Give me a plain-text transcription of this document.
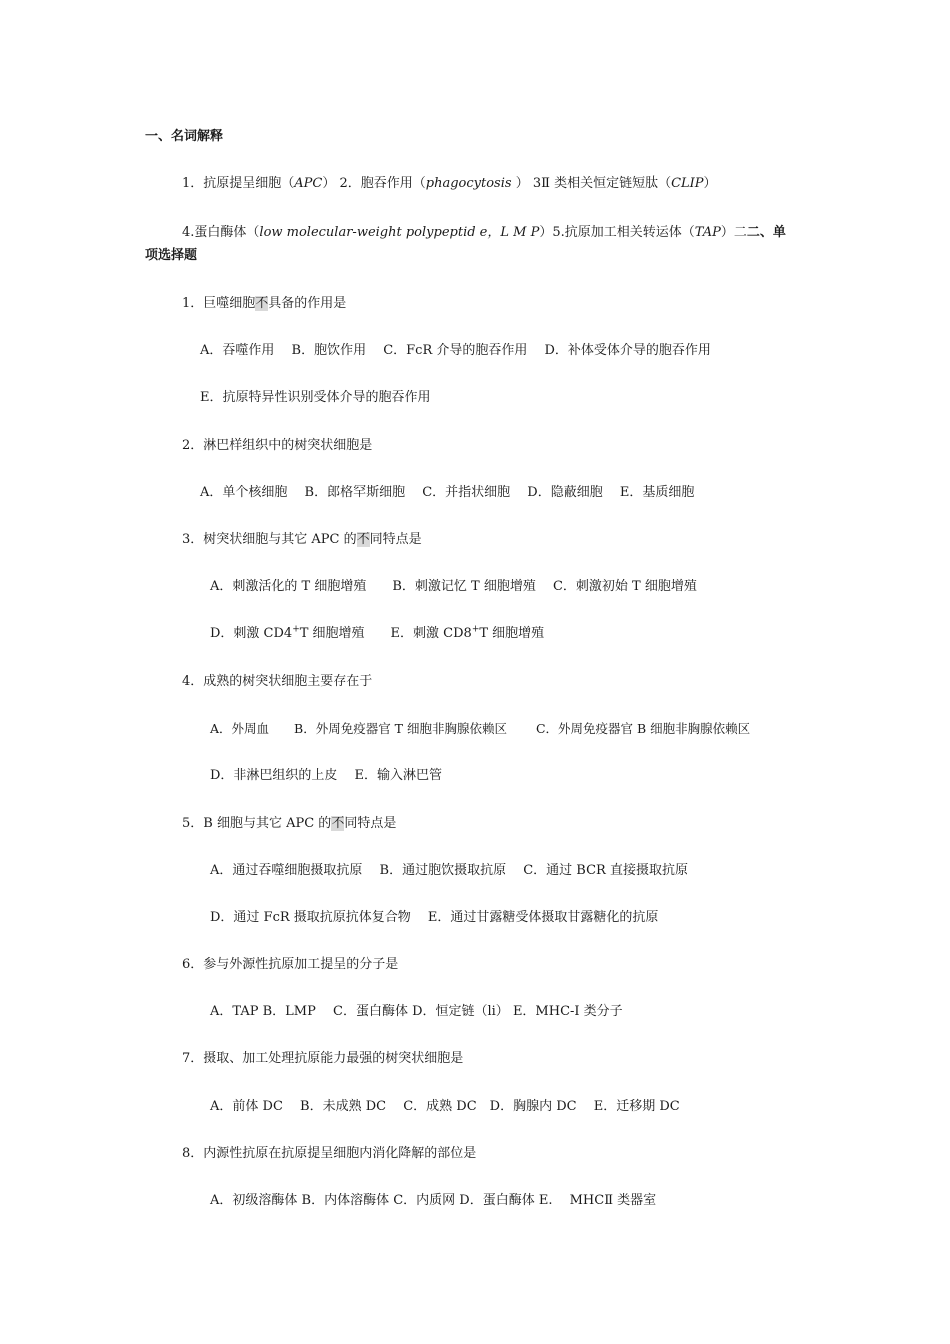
一、名词解释
1．抗原提呈细胞（APC） 2．胞吞作用（phagocytosis ） 3Ⅱ 类相关恒定链短肽（CLIP）
4.蛋白酶体（low molecular-weight polypeptid e，L M P）5.抗原加工相关转运体（TAP）二二、单
项选择题
1．巨噬细胞不具备的作用是
A．吞噬作用　 B．胞饮作用　 C．FcR 介导的胞吞作用　 D．补体受体介导的胞吞作用
E．抗原特异性识别受体介导的胞吞作用
2．淋巴样组织中的树突状细胞是
A．单个核细胞　 B．郎格罕斯细胞　 C．并指状细胞　 D．隐蔽细胞　 E．基质细胞
3．树突状细胞与其它 APC 的不同特点是
A．刺激活化的 T 细胞增殖　　B．刺激记忆 T 细胞增殖　 C．刺激初始 T 细胞增殖
D．刺激 CD4+T 细胞增殖　　E．刺激 CD8+T 细胞增殖
4．成熟的树突状细胞主要存在于
A．外周血　　B．外周免疫器官 T 细胞非胸腺依赖区　　 C．外周免疫器官 B 细胞非胸腺依赖区
D．非淋巴组织的上皮　 E．输入淋巴管
5．B 细胞与其它 APC 的不同特点是
A．通过吞噬细胞摄取抗原　 B．通过胞饮摄取抗原　 C．通过 BCR 直接摄取抗原
D．通过 FcR 摄取抗原抗体复合物　 E．通过甘露糖受体摄取甘露糖化的抗原
6．参与外源性抗原加工提呈的分子是
A．TAP B．LMP　 C．蛋白酶体 D．恒定链（li） E．MHC-I 类分子
7．摄取、加工处理抗原能力最强的树突状细胞是
A．前体 DC　 B．未成熟 DC　 C．成熟 DC　D．胸腺内 DC　 E．迁移期 DC
8．内源性抗原在抗原提呈细胞内消化降解的部位是
A．初级溶酶体 B．内体溶酶体 C．内质网 D．蛋白酶体 E.　 MHCⅡ 类器室
